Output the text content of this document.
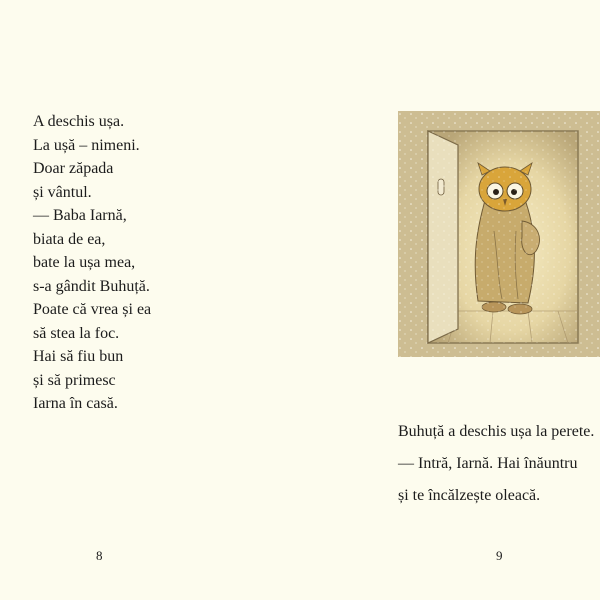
A deschis ușa.
La ușă – nimeni.
Doar zăpada
și vântul.
— Baba Iarnă,
biata de ea,
bate la ușa mea,
s-a gândit Buhuță.
Poate că vrea și ea
să stea la foc.
Hai să fiu bun
și să primesc
Iarna în casă.
8
Buhuță a deschis ușa la perete.
— Intră, Iarnă. Hai înăuntru
și te încălzește oleacă.
9
